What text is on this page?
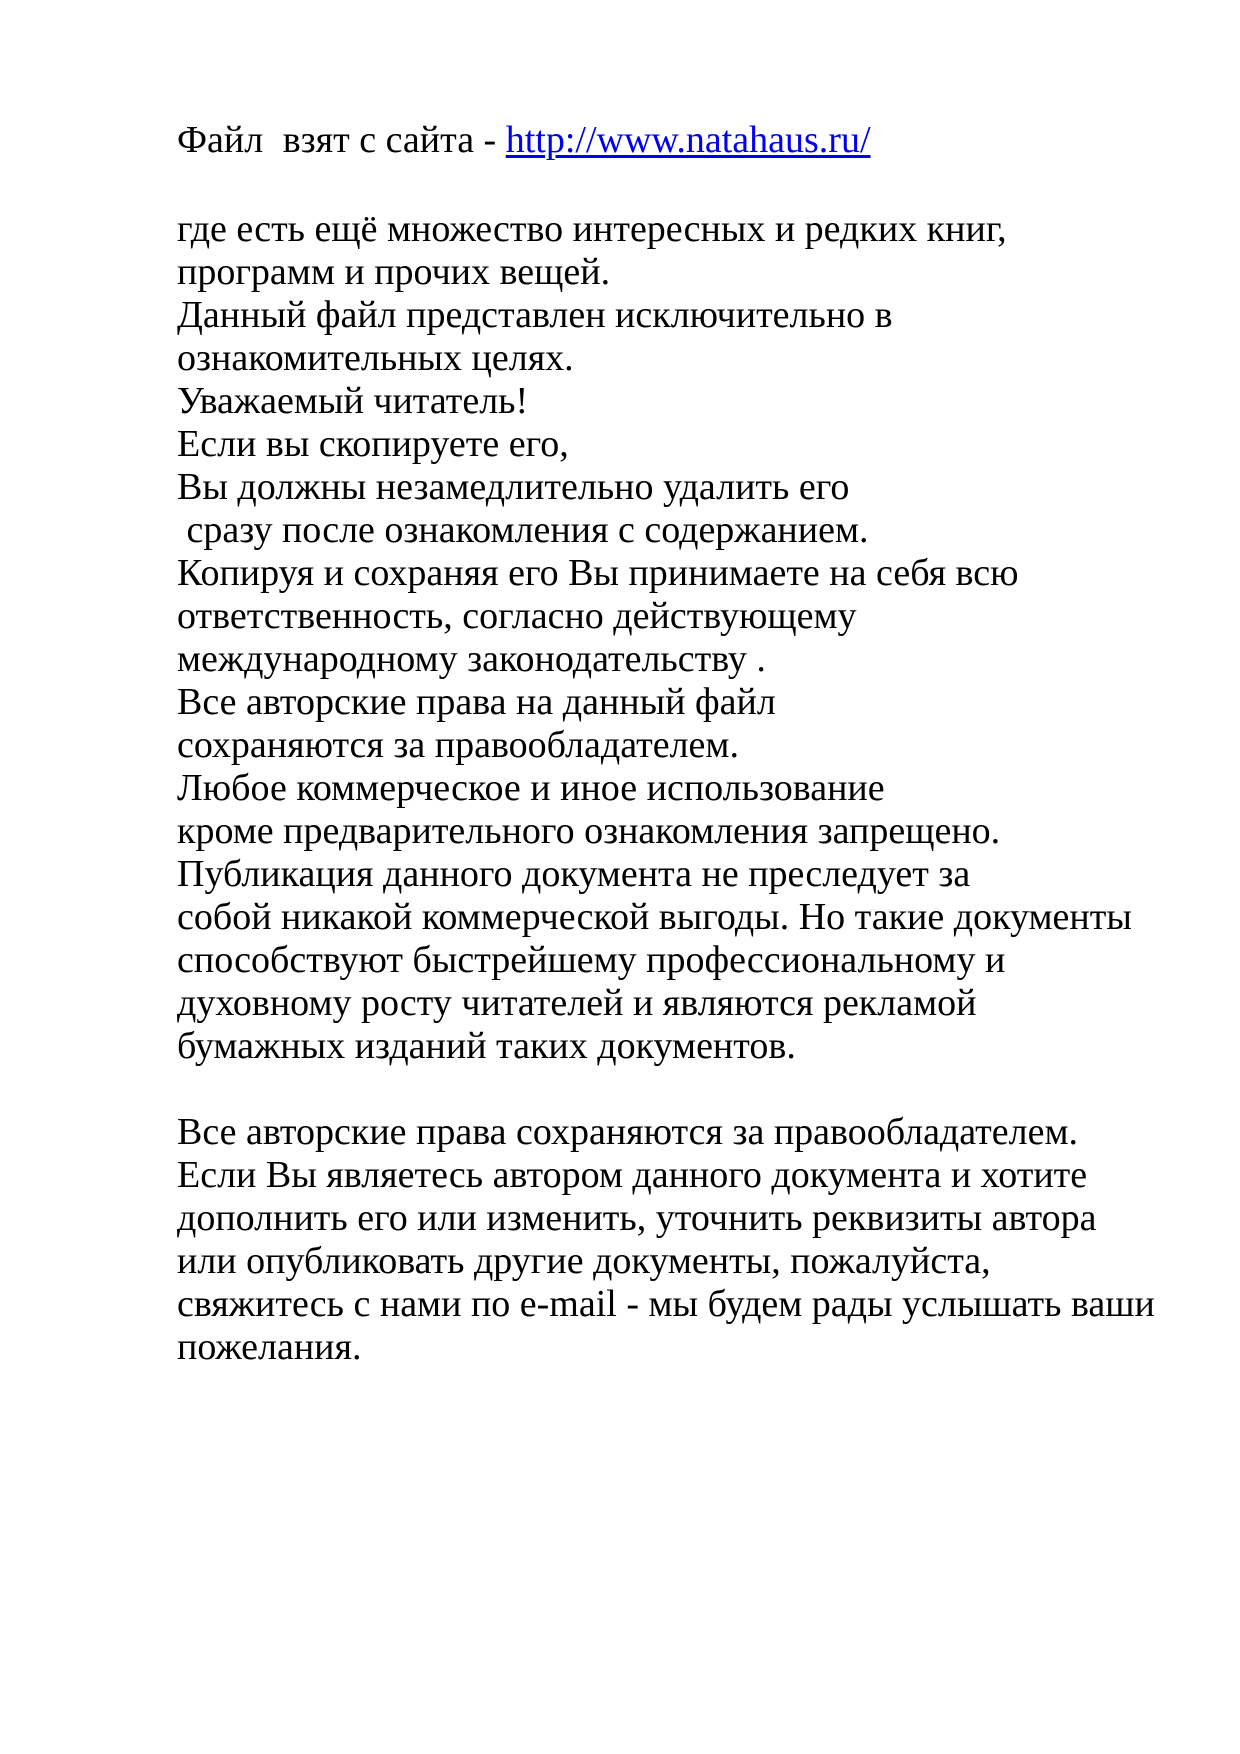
Файл взят с сайта - http://www.natahaus.ru/
где есть ещё множество интересных и редких книг,
программ и прочих вещей.
Данный файл представлен исключительно в
ознакомительных целях.
Уважаемый читатель!
Если вы скопируете его,
Вы должны незамедлительно удалить его
сразу после ознакомления с содержанием.
Копируя и сохраняя его Вы принимаете на себя всю
ответственность, согласно действующему
международному законодательству .
Все авторские права на данный файл
сохраняются за правообладателем.
Любое коммерческое и иное использование
кроме предварительного ознакомления запрещено.
Публикация данного документа не преследует за
собой никакой коммерческой выгоды. Но такие документы
способствуют быстрейшему профессиональному и
духовному росту читателей и являются рекламой
бумажных изданий таких документов.
Все авторские права сохраняются за правообладателем.
Если Вы являетесь автором данного документа и хотите
дополнить его или изменить, уточнить реквизиты автора
или опубликовать другие документы, пожалуйста,
свяжитесь с нами по e-mail - мы будем рады услышать ваши
пожелания.
